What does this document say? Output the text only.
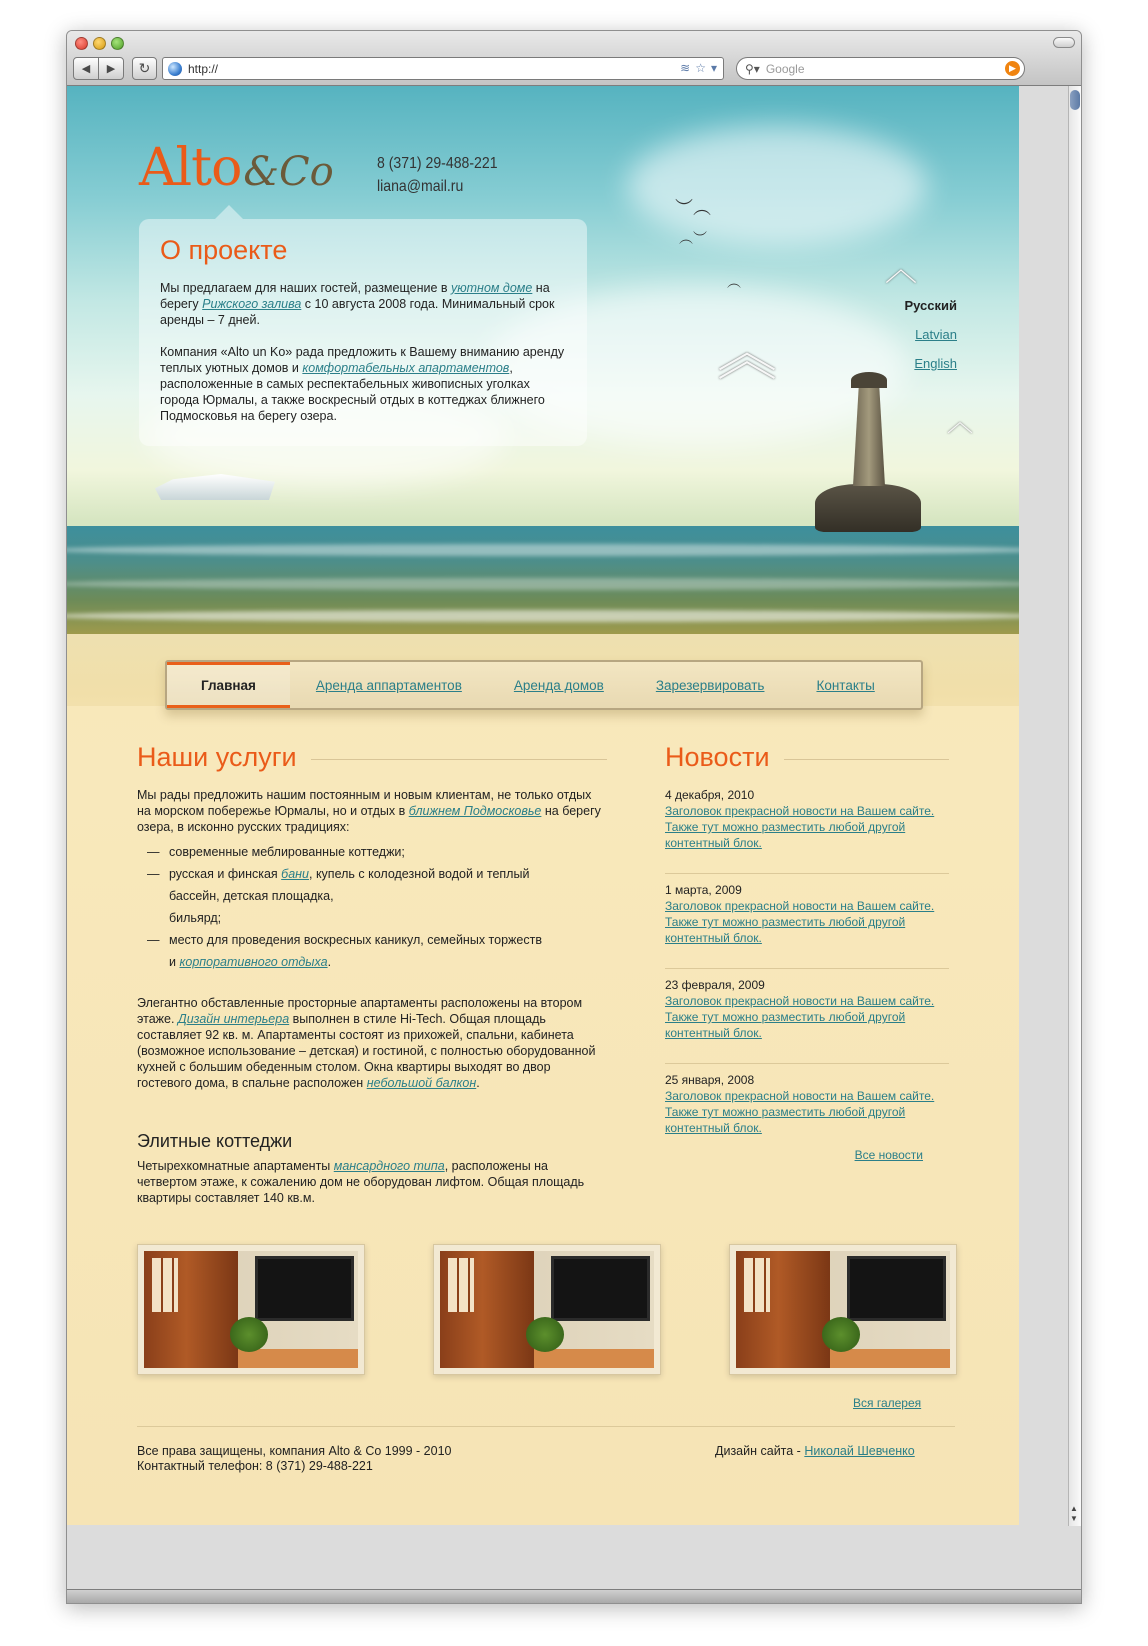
◀ ▶ ↻	http://	≋ ☆ ▾ ⚲▾ Google	▶
︶︵
︵︶
︵
︽
︿
︿
Alto &Co	8 (371) 29-488-221
liana@mail.ru
О проекте

Мы предлагаем для наших гостей, размещение в уютном доме на берегу Рижского залива с 10 августа 2008 года. Минимальный срок аренды – 7 дней.

Компания «Alto un Ko» рада предложить к Вашему вниманию аренду теплых уютных домов и комфортабельных апартаментов, расположенные в самых респектабельных живописных уголках города Юрмалы, а также воскресный отдых в коттеджах ближнего Подмосковья на берегу озера.

Русский
Latvian
English
Главная	Аренда аппартаментов	Аренда домов	Зарезервировать	Контакты
Наши услуги

Мы рады предложить нашим постоянным и новым клиентам, не только отдых на морском побережье Юрмалы, но и отдых в ближнем Подмосковье на берегу озера, в исконно русских традициях:

— современные меблированные коттеджи;
— русская и финская бани, купель с колодезной водой и теплый
бассейн, детская площадка,
бильярд;
— место для проведения воскресных каникул, семейных торжеств
и корпоративного отдыха.

Элегантно обставленные просторные апартаменты расположены на втором этаже. Дизайн интерьера выполнен в стиле Hi-Tech. Общая площадь составляет 92 кв. м. Апартаменты состоят из прихожей, спальни, кабинета (возможное использование – детская) и гостиной, с полностью оборудованной кухней с большим обеденным столом. Окна квартиры выходят во двор гостевого дома, в спальне расположен небольшой балкон.

Элитные коттеджи

Четырехкомнатные апартаменты мансардного типа, расположены на четвертом этаже, к сожалению дом не оборудован лифтом. Общая площадь квартиры составляет 140 кв.м.

Новости
4 декабря, 2010
Заголовок прекрасной новости на Вашем сайте. Также тут можно разместить любой другой контентный блок.
1 марта, 2009
Заголовок прекрасной новости на Вашем сайте. Также тут можно разместить любой другой контентный блок.
23 февраля, 2009
Заголовок прекрасной новости на Вашем сайте. Также тут можно разместить любой другой контентный блок.
25 января, 2008
Заголовок прекрасной новости на Вашем сайте. Также тут можно разместить любой другой контентный блок.
Все новости
Вся галерея
Все права защищены, компания Alto & Co 1999 - 2010
Контактный телефон: 8 (371) 29-488-221
Дизайн сайта - Николай Шевченко
▲
▼
